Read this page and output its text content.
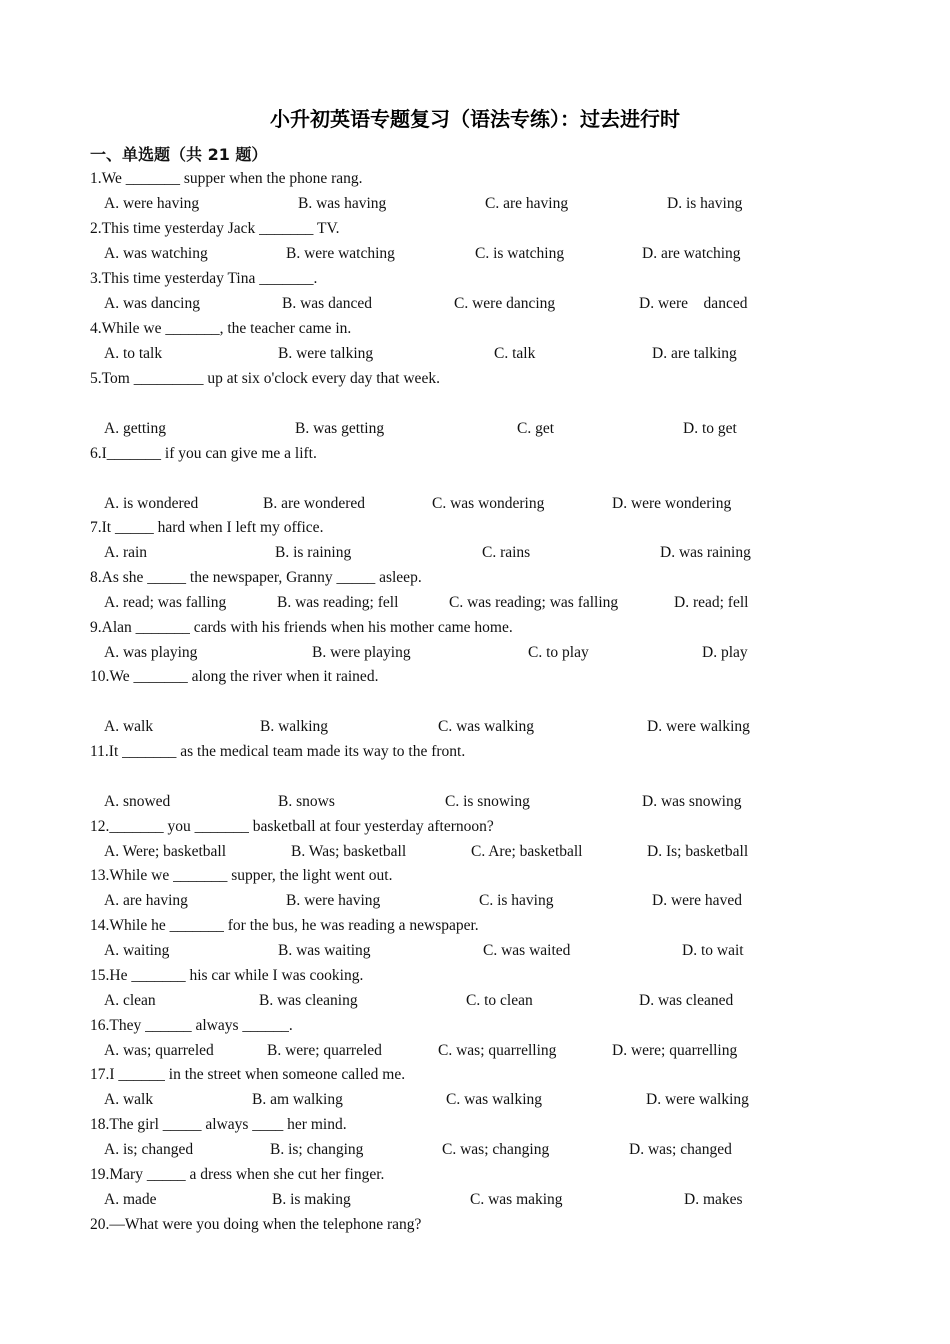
小升初英语专题复习（语法专练）：过去进行时
一、单选题（共 21 题）
1.We _______ supper when the phone rang.
A. were having	B. was having	C. are having	D. is having
2.This time yesterday Jack _______ TV.
A. was watching	B. were watching	C. is watching	D. are watching
3.This time yesterday Tina _______.
A. was dancing	B. was danced	C. were dancing	D. were    danced
4.While we _______, the teacher came in.
A. to talk	B. were talking	C. talk	D. are talking
5.Tom _________ up at six o'clock every day that week.
A. getting	B. was getting	C. get	D. to get
6.I_______ if you can give me a lift.
A. is wondered	B. are wondered	C. was wondering	D. were wondering
7.It _____ hard when I left my office.
A. rain	B. is raining	C. rains	D. was raining
8.As she _____ the newspaper, Granny _____ asleep.
A. read; was falling	B. was reading; fell	C. was reading; was falling	D. read; fell
9.Alan _______ cards with his friends when his mother came home.
A. was playing	B. were playing	C. to play	D. play
10.We _______ along the river when it rained.
A. walk	B. walking	C. was walking	D. were walking
11.It _______ as the medical team made its way to the front.
A. snowed	B. snows	C. is snowing	D. was snowing
12._______ you _______ basketball at four yesterday afternoon?
A. Were; basketball	B. Was; basketball	C. Are; basketball	D. Is; basketball
13.While we _______ supper, the light went out.
A. are having	B. were having	C. is having	D. were haved
14.While he _______ for the bus, he was reading a newspaper.
A. waiting	B. was waiting	C. was waited	D. to wait
15.He _______ his car while I was cooking.
A. clean	B. was cleaning	C. to clean	D. was cleaned
16.They ______ always ______.
A. was; quarreled	B. were; quarreled	C. was; quarrelling	D. were; quarrelling
17.I ______ in the street when someone called me.
A. walk	B. am walking	C. was walking	D. were walking
18.The girl _____ always ____ her mind.
A. is; changed	B. is; changing	C. was; changing	D. was; changed
19.Mary _____ a dress when she cut her finger.
A. made	B. is making	C. was making	D. makes
20.—What were you doing when the telephone rang?
